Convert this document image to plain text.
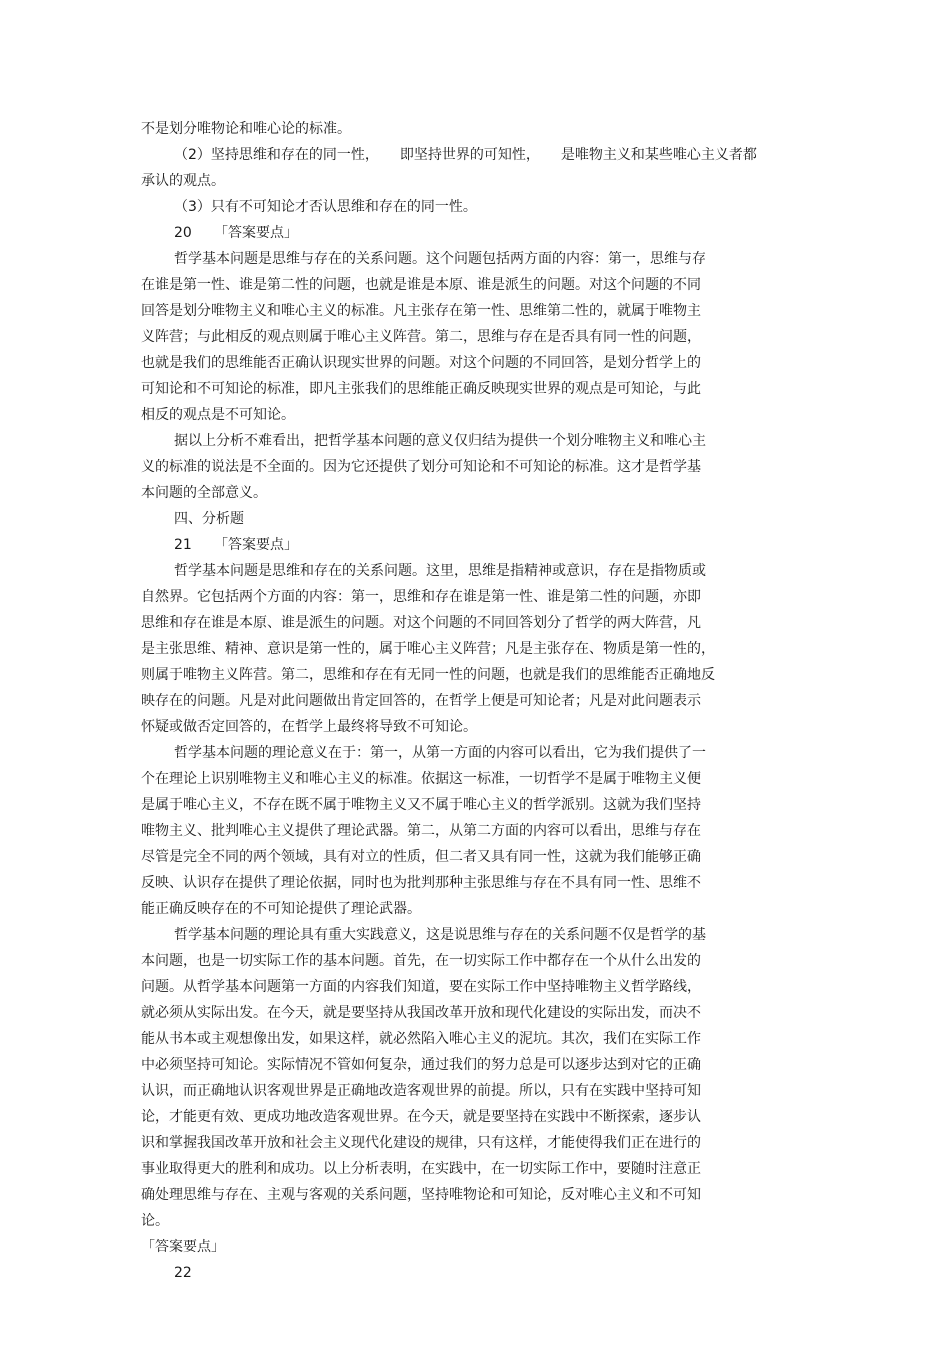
不是划分唯物论和唯心论的标准。
（2）坚持思维和存在的同一性，　　即坚持世界的可知性，　　是唯物主义和某些唯心主义者都
承认的观点。
（3）只有不可知论才否认思维和存在的同一性。
20 「答案要点」
哲学基本问题是思维与存在的关系问题。这个问题包括两方面的内容：第一，思维与存
在谁是第一性、谁是第二性的问题，也就是谁是本原、谁是派生的问题。对这个问题的不同
回答是划分唯物主义和唯心主义的标准。凡主张存在第一性、思维第二性的，就属于唯物主
义阵营；与此相反的观点则属于唯心主义阵营。第二，思维与存在是否具有同一性的问题，
也就是我们的思维能否正确认识现实世界的问题。对这个问题的不同回答，是划分哲学上的
可知论和不可知论的标准，即凡主张我们的思维能正确反映现实世界的观点是可知论，与此
相反的观点是不可知论。
据以上分析不难看出，把哲学基本问题的意义仅归结为提供一个划分唯物主义和唯心主
义的标准的说法是不全面的。因为它还提供了划分可知论和不可知论的标准。这才是哲学基
本问题的全部意义。
四、分析题
21 「答案要点」
哲学基本问题是思维和存在的关系问题。这里，思维是指精神或意识，存在是指物质或
自然界。它包括两个方面的内容：第一，思维和存在谁是第一性、谁是第二性的问题，亦即
思维和存在谁是本原、谁是派生的问题。对这个问题的不同回答划分了哲学的两大阵营，凡
是主张思维、精神、意识是第一性的，属于唯心主义阵营；凡是主张存在、物质是第一性的，
则属于唯物主义阵营。第二，思维和存在有无同一性的问题，也就是我们的思维能否正确地反
映存在的问题。凡是对此问题做出肯定回答的，在哲学上便是可知论者；凡是对此问题表示
怀疑或做否定回答的，在哲学上最终将导致不可知论。
哲学基本问题的理论意义在于：第一，从第一方面的内容可以看出，它为我们提供了一
个在理论上识别唯物主义和唯心主义的标准。依据这一标准，一切哲学不是属于唯物主义便
是属于唯心主义，不存在既不属于唯物主义又不属于唯心主义的哲学派别。这就为我们坚持
唯物主义、批判唯心主义提供了理论武器。第二，从第二方面的内容可以看出，思维与存在
尽管是完全不同的两个领域，具有对立的性质，但二者又具有同一性，这就为我们能够正确
反映、认识存在提供了理论依据，同时也为批判那种主张思维与存在不具有同一性、思维不
能正确反映存在的不可知论提供了理论武器。
哲学基本问题的理论具有重大实践意义，这是说思维与存在的关系问题不仅是哲学的基
本问题，也是一切实际工作的基本问题。首先，在一切实际工作中都存在一个从什么出发的
问题。从哲学基本问题第一方面的内容我们知道，要在实际工作中坚持唯物主义哲学路线，
就必须从实际出发。在今天，就是要坚持从我国改革开放和现代化建设的实际出发，而决不
能从书本或主观想像出发，如果这样，就必然陷入唯心主义的泥坑。其次，我们在实际工作
中必须坚持可知论。实际情况不管如何复杂，通过我们的努力总是可以逐步达到对它的正确
认识，而正确地认识客观世界是正确地改造客观世界的前提。所以，只有在实践中坚持可知
论，才能更有效、更成功地改造客观世界。在今天，就是要坚持在实践中不断探索，逐步认
识和掌握我国改革开放和社会主义现代化建设的规律，只有这样，才能使得我们正在进行的
事业取得更大的胜利和成功。以上分析表明，在实践中，在一切实际工作中，要随时注意正
确处理思维与存在、主观与客观的关系问题，坚持唯物论和可知论，反对唯心主义和不可知
论。
「答案要点」
22
